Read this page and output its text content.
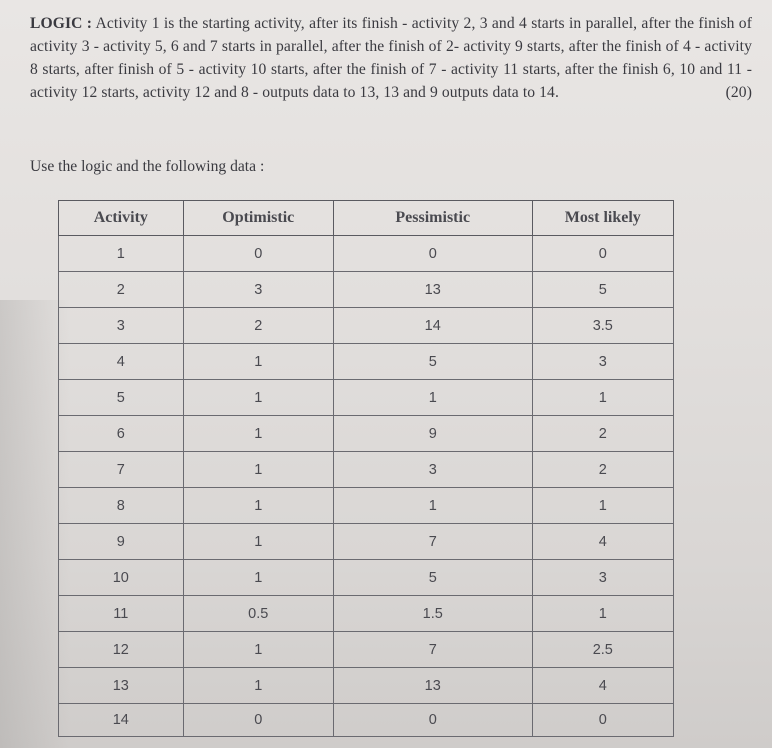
LOGIC : Activity 1 is the starting activity, after its finish - activity 2, 3 and 4 starts in parallel, after the finish of activity 3 - activity 5, 6 and 7 starts in parallel, after the finish of 2- activity 9 starts, after the finish of 4 - activity 8 starts, after finish of 5 - activity 10 starts, after the finish of 7 - activity 11 starts, after the finish 6, 10 and 11 - activity 12 starts, activity 12 and 8 - outputs data to 13, 13 and 9 outputs data to 14.	(20)
Use the logic and the following data :
Activity	Optimistic	Pessimistic	Most likely
1	0	0	0
2	3	13	5
3	2	14	3.5
4	1	5	3
5	1	1	1
6	1	9	2
7	1	3	2
8	1	1	1
9	1	7	4
10	1	5	3
11	0.5	1.5	1
12	1	7	2.5
13	1	13	4
14	0	0	0
